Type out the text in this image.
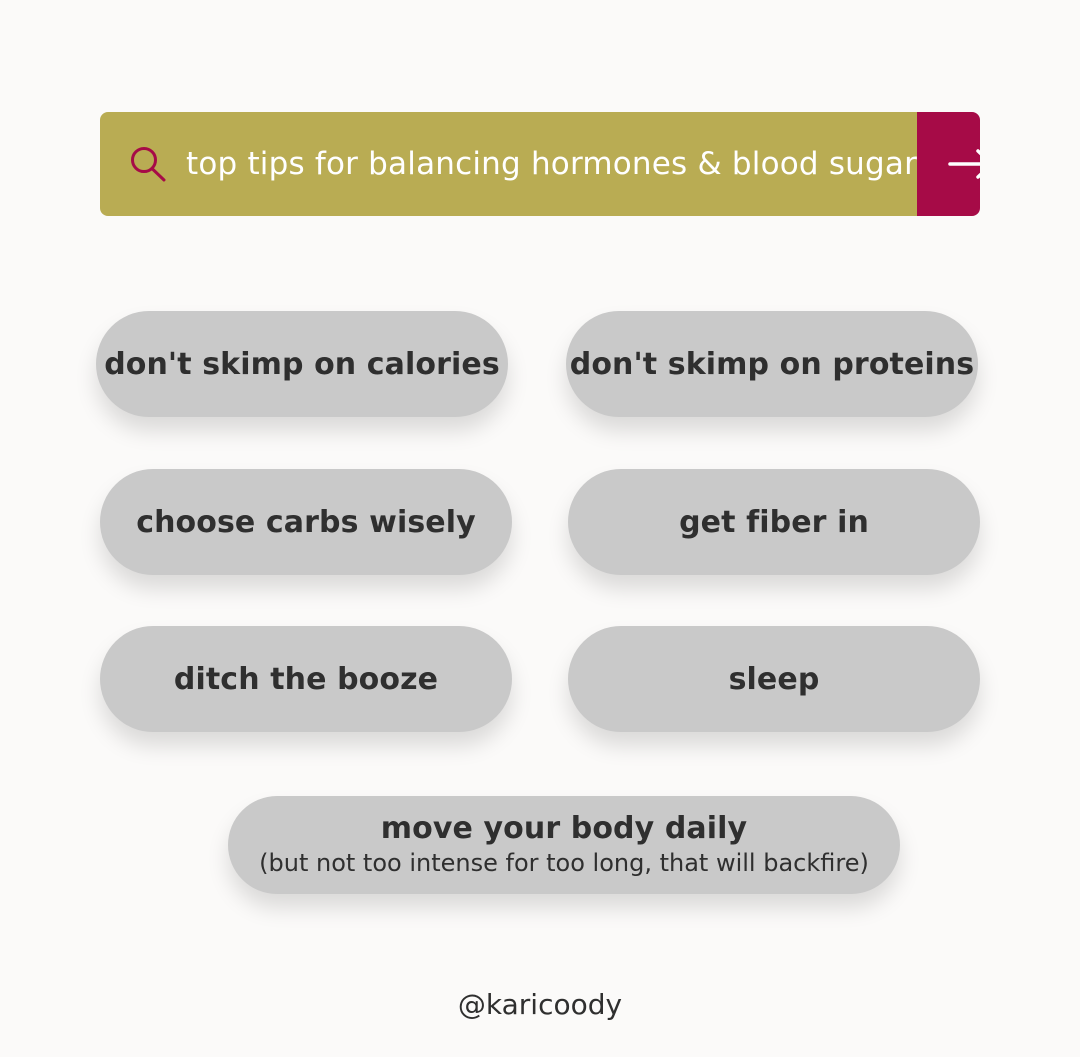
top tips for balancing hormones & blood sugar
don't skimp on calories don't skimp on proteins
choose carbs wisely	get fiber in
ditch the booze	sleep
move your body daily
(but not too intense for too long, that will backfire)
@karicoody
